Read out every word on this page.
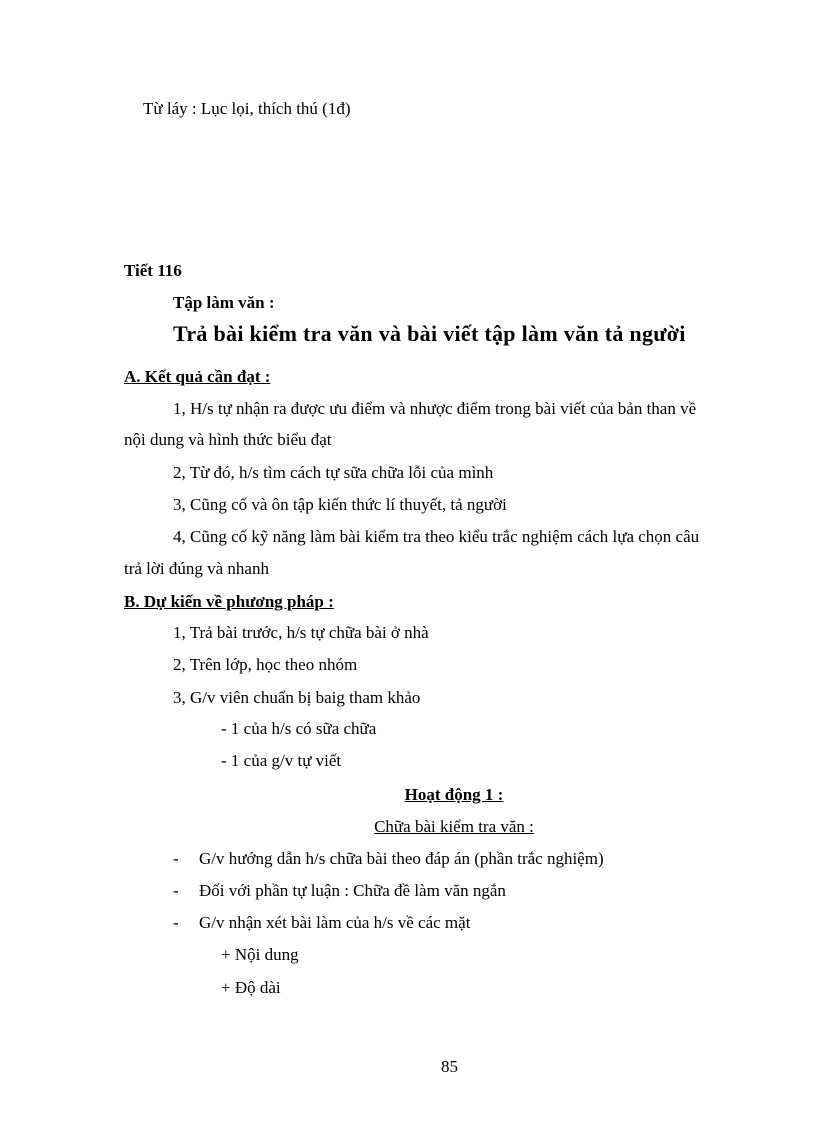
Từ láy : Lục lọi, thích thú (1đ)
Tiết 116
Tập làm văn :
Trả bài kiểm tra văn và bài viết tập làm văn tả người
A. Kết quả cần đạt :
1, H/s tự nhận ra được ưu điểm và nhược điểm trong bài viết của bản than về
nội dung và hình thức biểu đạt
2, Từ đó, h/s tìm cách tự sữa chữa lỗi của mình
3, Cũng cố và ôn tập kiến thức lí thuyết, tả người
4, Cũng cố kỹ năng làm bài kiểm tra theo kiểu trắc nghiệm cách lựa chọn câu
trả lời đúng và nhanh
B. Dự kiến về phương pháp :
1, Trả bài trước, h/s tự chữa bài ở nhà
2, Trên lớp, học theo nhóm
3, G/v viên chuẩn bị baig tham khảo
- 1 của h/s có sữa chữa
- 1 của g/v tự viết
Hoạt động 1 :
Chữa bài kiểm tra văn :
- G/v hướng dẫn h/s chữa bài theo đáp án (phần trắc nghiệm)
- Đối với phần tự luận : Chữa đề làm văn ngắn
- G/v nhận xét bài làm của h/s về các mặt
+ Nội dung
+ Độ dài
85
